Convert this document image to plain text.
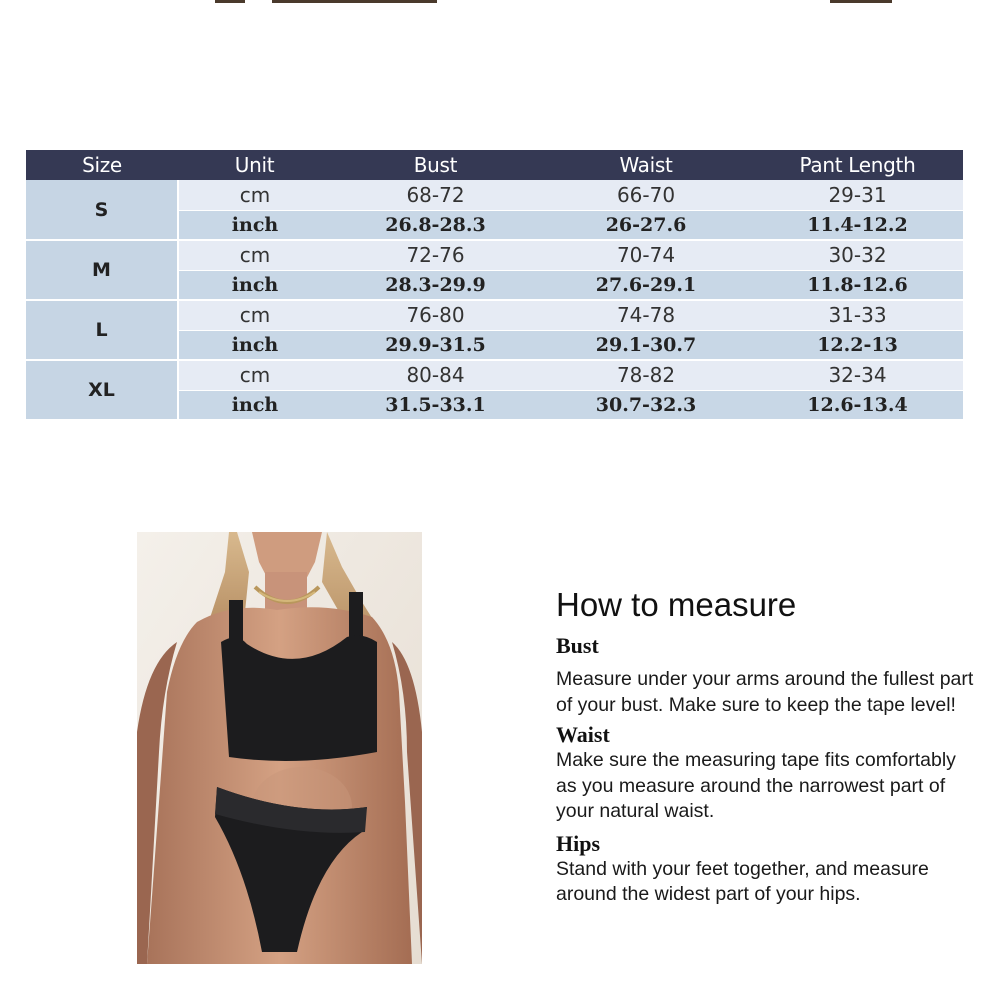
Size	Unit	Bust	Waist	Pant Length
S	cm	68-72	66-70	29-31
	inch	26.8-28.3	26-27.6	11.4-12.2
M	cm	72-76	70-74	30-32
	inch	28.3-29.9	27.6-29.1	11.8-12.6
L	cm	76-80	74-78	31-33
	inch	29.9-31.5	29.1-30.7	12.2-13
XL	cm	80-84	78-82	32-34
	inch	31.5-33.1	30.7-32.3	12.6-13.4
How to measure
Bust
Measure under your arms around the fullest part of your bust. Make sure to keep the tape level!
Waist
Make sure the measuring tape fits comfortably as you measure around the narrowest part of your natural waist.
Hips
Stand with your feet together, and measure around the widest part of your hips.
